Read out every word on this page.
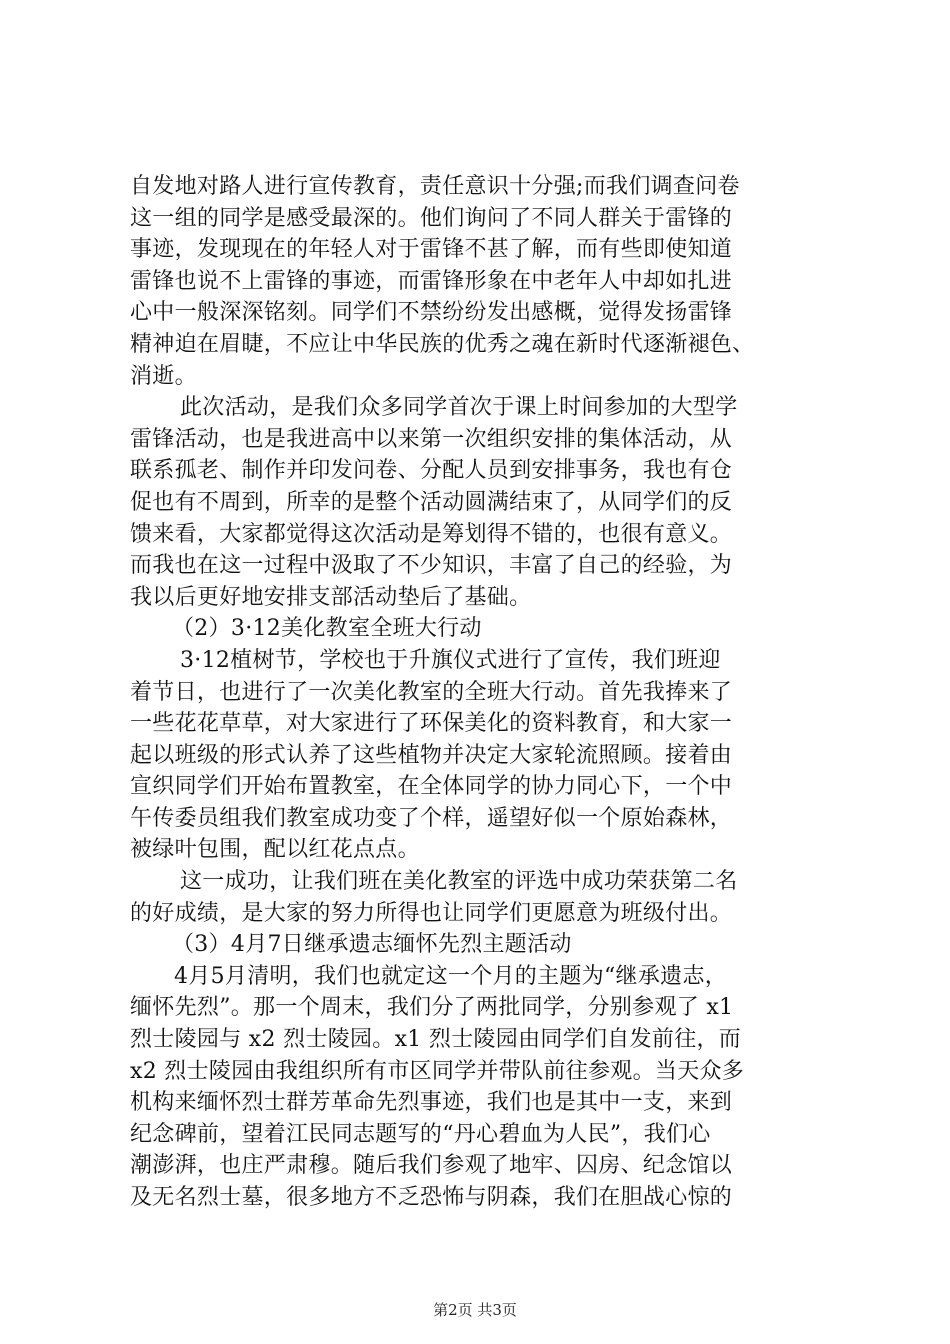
自发地对路人进行宣传教育，责任意识十分强;而我们调查问卷
这一组的同学是感受最深的。他们询问了不同人群关于雷锋的
事迹，发现现在的年轻人对于雷锋不甚了解，而有些即使知道
雷锋也说不上雷锋的事迹，而雷锋形象在中老年人中却如扎进
心中一般深深铭刻。同学们不禁纷纷发出感概，觉得发扬雷锋
精神迫在眉睫，不应让中华民族的优秀之魂在新时代逐渐褪色、
消逝。
此次活动，是我们众多同学首次于课上时间参加的大型学
雷锋活动，也是我进高中以来第一次组织安排的集体活动，从
联系孤老、制作并印发问卷、分配人员到安排事务，我也有仓
促也有不周到，所幸的是整个活动圆满结束了，从同学们的反
馈来看，大家都觉得这次活动是筹划得不错的，也很有意义。
而我也在这一过程中汲取了不少知识，丰富了自己的经验，为
我以后更好地安排支部活动垫后了基础。
（2）3·12美化教室全班大行动
3·12植树节，学校也于升旗仪式进行了宣传，我们班迎
着节日，也进行了一次美化教室的全班大行动。首先我捧来了
一些花花草草，对大家进行了环保美化的资料教育，和大家一
起以班级的形式认养了这些植物并决定大家轮流照顾。接着由
宣织同学们开始布置教室，在全体同学的协力同心下，一个中
午传委员组我们教室成功变了个样，遥望好似一个原始森林，
被绿叶包围，配以红花点点。
这一成功，让我们班在美化教室的评选中成功荣获第二名
的好成绩，是大家的努力所得也让同学们更愿意为班级付出。
（3）4月7日继承遗志缅怀先烈主题活动
4月5月清明，我们也就定这一个月的主题为“继承遗志，
缅怀先烈”。那一个周末，我们分了两批同学，分别参观了 x1
烈士陵园与 x2 烈士陵园。x1 烈士陵园由同学们自发前往，而
x2 烈士陵园由我组织所有市区同学并带队前往参观。当天众多
机构来缅怀烈士群芳革命先烈事迹，我们也是其中一支，来到
纪念碑前，望着江民同志题写的“丹心碧血为人民”，我们心
潮澎湃，也庄严肃穆。随后我们参观了地牢、囚房、纪念馆以
及无名烈士墓，很多地方不乏恐怖与阴森，我们在胆战心惊的
第2页 共3页
